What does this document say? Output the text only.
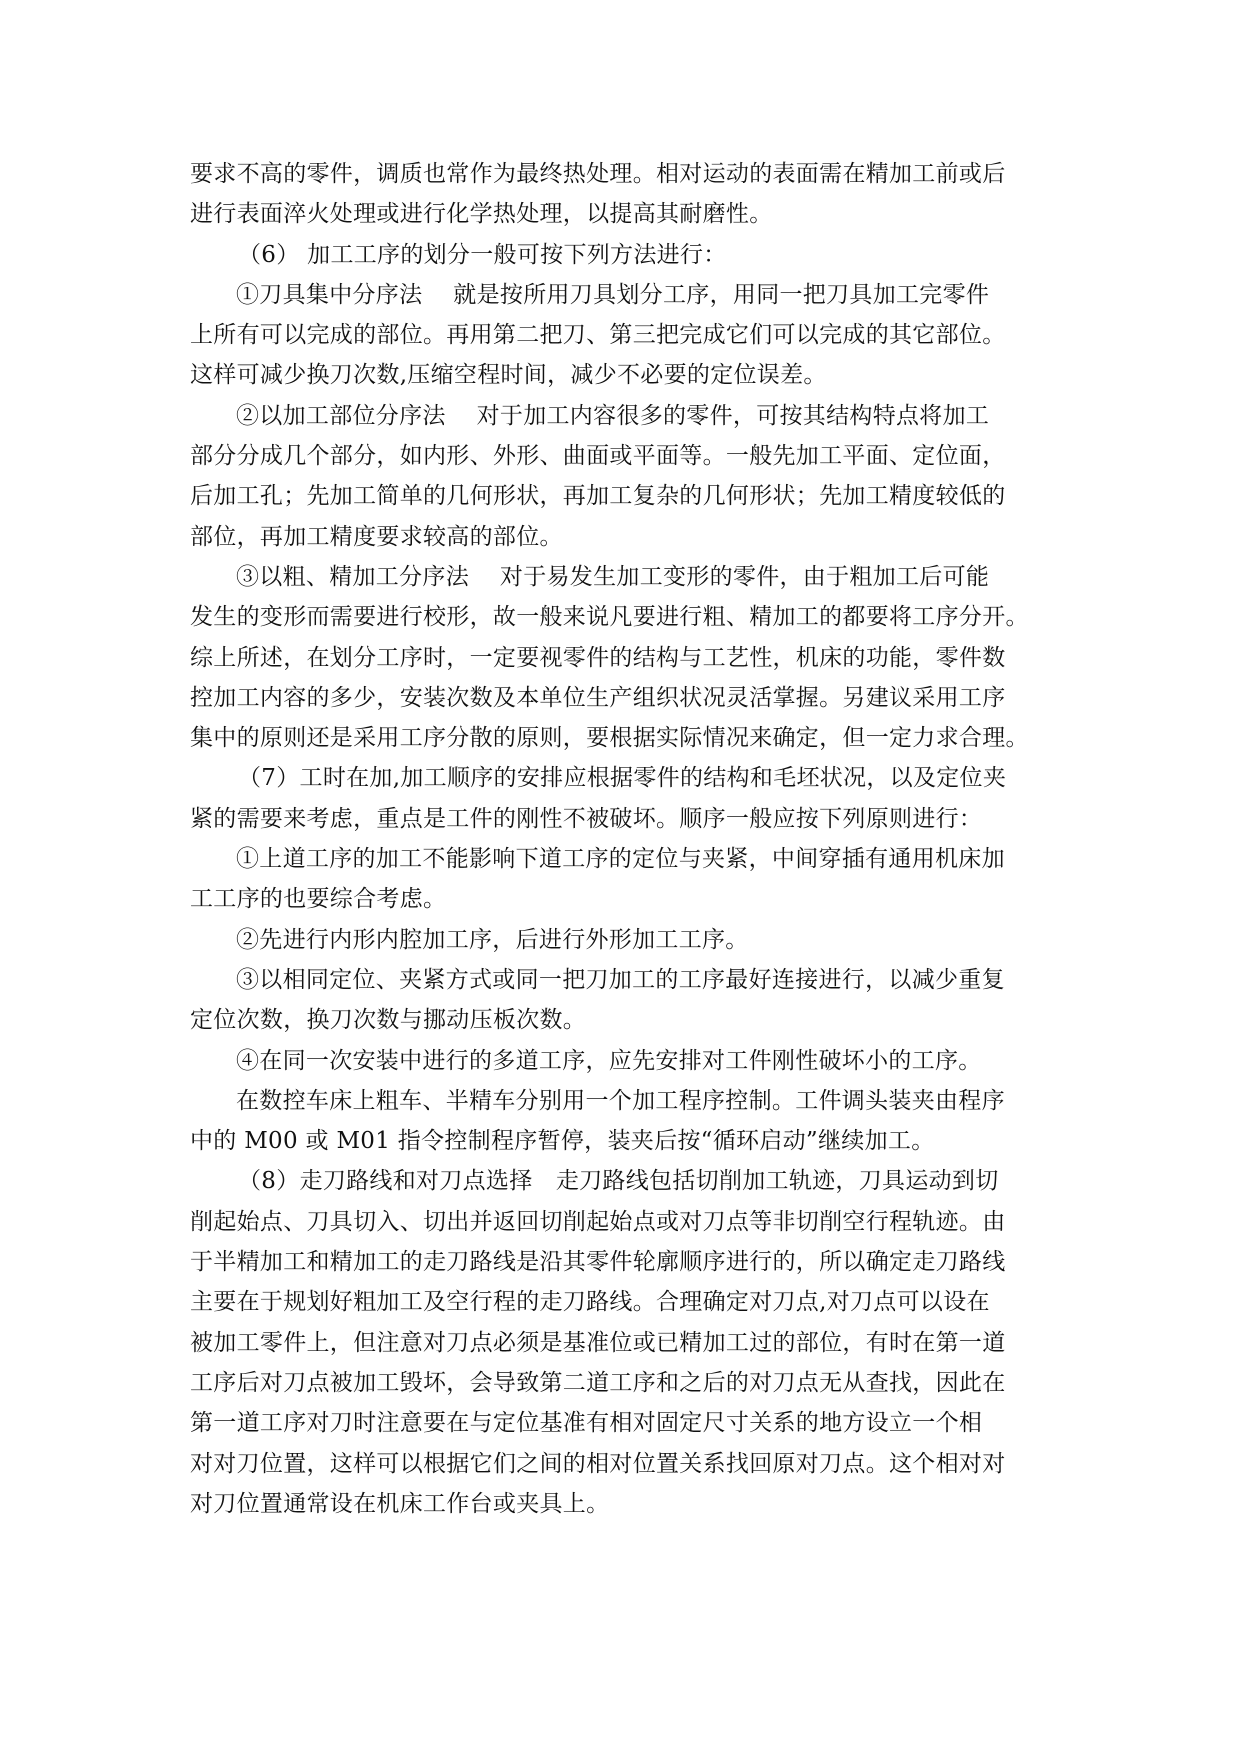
要求不高的零件，调质也常作为最终热处理。相对运动的表面需在精加工前或后
进行表面淬火处理或进行化学热处理，以提高其耐磨性。
（6） 加工工序的划分一般可按下列方法进行：
①刀具集中分序法　 就是按所用刀具划分工序，用同一把刀具加工完零件
上所有可以完成的部位。再用第二把刀、第三把完成它们可以完成的其它部位。
这样可减少换刀次数,压缩空程时间，减少不必要的定位误差。
②以加工部位分序法　 对于加工内容很多的零件，可按其结构特点将加工
部分分成几个部分，如内形、外形、曲面或平面等。一般先加工平面、定位面，
后加工孔；先加工简单的几何形状，再加工复杂的几何形状；先加工精度较低的
部位，再加工精度要求较高的部位。
③以粗、精加工分序法　 对于易发生加工变形的零件，由于粗加工后可能
发生的变形而需要进行校形，故一般来说凡要进行粗、精加工的都要将工序分开。
综上所述，在划分工序时，一定要视零件的结构与工艺性，机床的功能，零件数
控加工内容的多少，安装次数及本单位生产组织状况灵活掌握。另建议采用工序
集中的原则还是采用工序分散的原则，要根据实际情况来确定，但一定力求合理。
（7）工时在加,加工顺序的安排应根据零件的结构和毛坯状况，以及定位夹
紧的需要来考虑，重点是工件的刚性不被破坏。顺序一般应按下列原则进行：
①上道工序的加工不能影响下道工序的定位与夹紧，中间穿插有通用机床加
工工序的也要综合考虑。
②先进行内形内腔加工序，后进行外形加工工序。
③以相同定位、夹紧方式或同一把刀加工的工序最好连接进行，以减少重复
定位次数，换刀次数与挪动压板次数。
④在同一次安装中进行的多道工序，应先安排对工件刚性破坏小的工序。
在数控车床上粗车、半精车分别用一个加工程序控制。工件调头装夹由程序
中的 M00 或 M01 指令控制程序暂停，装夹后按“循环启动”继续加工。
（8）走刀路线和对刀点选择　走刀路线包括切削加工轨迹，刀具运动到切
削起始点、刀具切入、切出并返回切削起始点或对刀点等非切削空行程轨迹。由
于半精加工和精加工的走刀路线是沿其零件轮廓顺序进行的，所以确定走刀路线
主要在于规划好粗加工及空行程的走刀路线。合理确定对刀点,对刀点可以设在
被加工零件上，但注意对刀点必须是基准位或已精加工过的部位，有时在第一道
工序后对刀点被加工毁坏，会导致第二道工序和之后的对刀点无从查找，因此在
第一道工序对刀时注意要在与定位基准有相对固定尺寸关系的地方设立一个相
对对刀位置，这样可以根据它们之间的相对位置关系找回原对刀点。这个相对对
对刀位置通常设在机床工作台或夹具上。
